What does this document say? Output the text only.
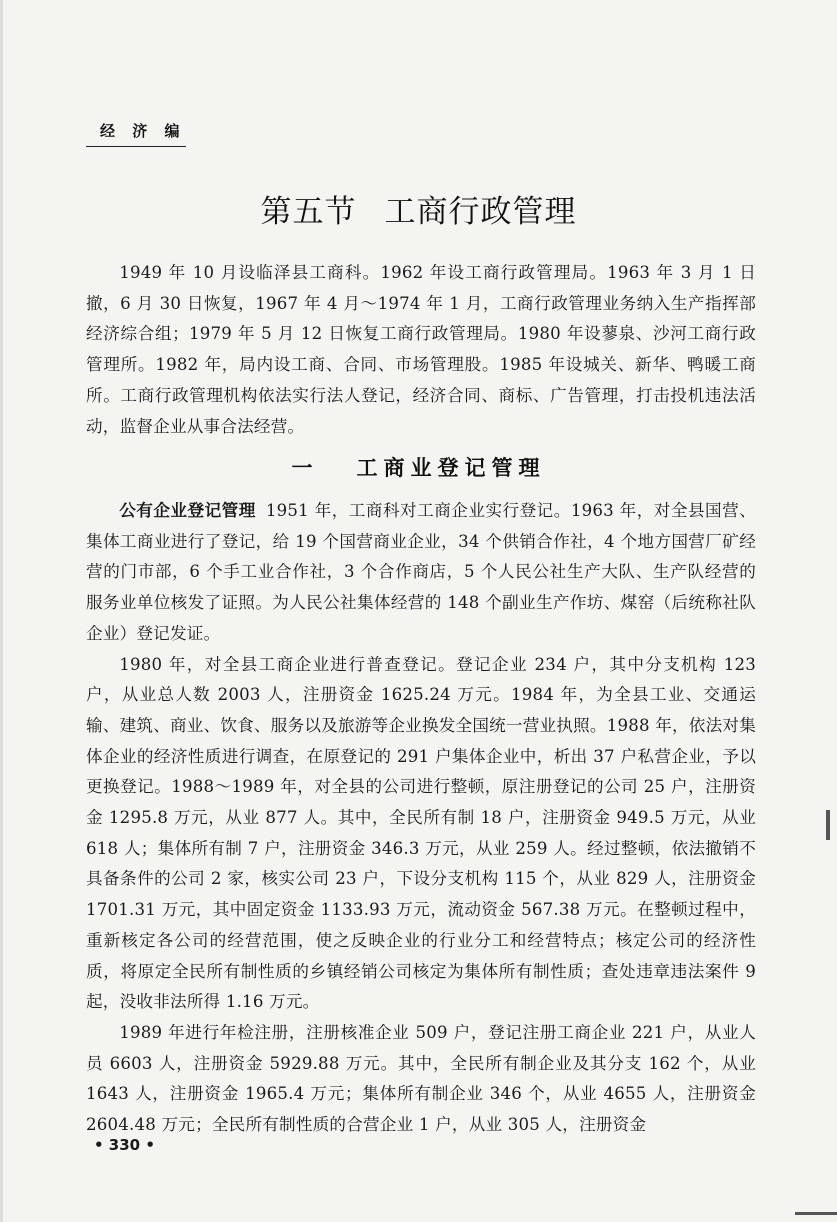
经 济 编
第五节 工商行政管理

1949 年 10 月设临泽县工商科。1962 年设工商行政管理局。1963 年 3 月 1 日撤，6 月 30 日恢复，1967 年 4 月～1974 年 1 月，工商行政管理业务纳入生产指挥部经济综合组；1979 年 5 月 12 日恢复工商行政管理局。1980 年设蓼泉、沙河工商行政管理所。1982 年，局内设工商、合同、市场管理股。1985 年设城关、新华、鸭暖工商所。工商行政管理机构依法实行法人登记，经济合同、商标、广告管理，打击投机违法活动，监督企业从事合法经营。

一 工商业登记管理

公有企业登记管理 1951 年，工商科对工商企业实行登记。1963 年，对全县国营、集体工商业进行了登记，给 19 个国营商业企业，34 个供销合作社，4 个地方国营厂矿经营的门市部，6 个手工业合作社，3 个合作商店，5 个人民公社生产大队、生产队经营的服务业单位核发了证照。为人民公社集体经营的 148 个副业生产作坊、煤窑（后统称社队企业）登记发证。

1980 年，对全县工商企业进行普查登记。登记企业 234 户，其中分支机构 123 户，从业总人数 2003 人，注册资金 1625.24 万元。1984 年，为全县工业、交通运输、建筑、商业、饮食、服务以及旅游等企业换发全国统一营业执照。1988 年，依法对集体企业的经济性质进行调查，在原登记的 291 户集体企业中，析出 37 户私营企业，予以更换登记。1988～1989 年，对全县的公司进行整顿，原注册登记的公司 25 户，注册资金 1295.8 万元，从业 877 人。其中，全民所有制 18 户，注册资金 949.5 万元，从业 618 人；集体所有制 7 户，注册资金 346.3 万元，从业 259 人。经过整顿，依法撤销不具备条件的公司 2 家，核实公司 23 户，下设分支机构 115 个，从业 829 人，注册资金 1701.31 万元，其中固定资金 1133.93 万元，流动资金 567.38 万元。在整顿过程中，重新核定各公司的经营范围，使之反映企业的行业分工和经营特点；核定公司的经济性质，将原定全民所有制性质的乡镇经销公司核定为集体所有制性质；查处违章违法案件 9 起，没收非法所得 1.16 万元。

1989 年进行年检注册，注册核准企业 509 户，登记注册工商企业 221 户，从业人员 6603 人，注册资金 5929.88 万元。其中，全民所有制企业及其分支 162 个，从业 1643 人，注册资金 1965.4 万元；集体所有制企业 346 个，从业 4655 人，注册资金 2604.48 万元；全民所有制性质的合营企业 1 户，从业 305 人，注册资金

• 330 •
